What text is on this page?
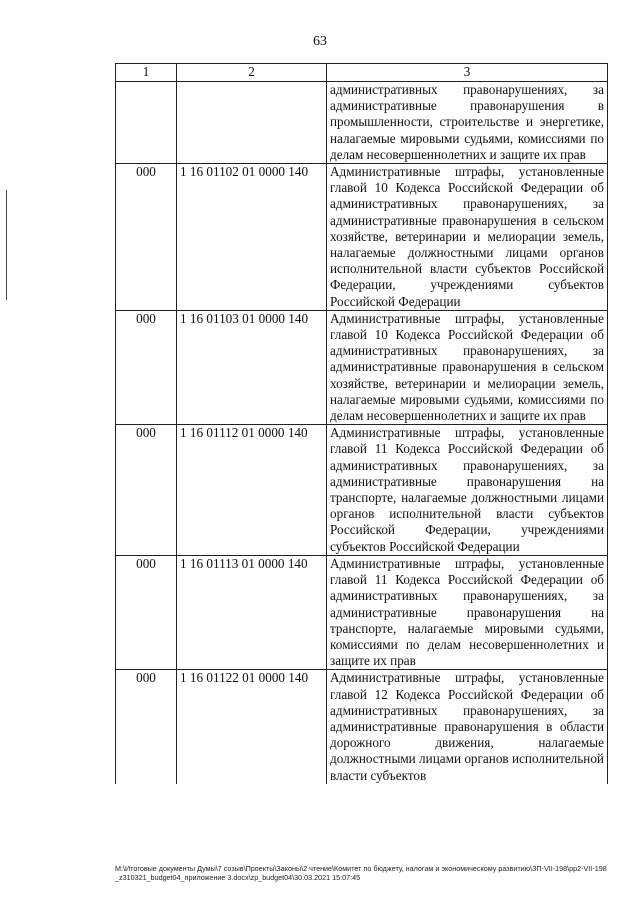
63
1	2	3
		административных правонарушениях, за административные правонарушения в промышленности, строительстве и энергетике, налагаемые мировыми судьями, комиссиями по делам несовершеннолетних и защите их прав
000	1 16 01102 01 0000 140	Административные штрафы, установленные главой 10 Кодекса Российской Федерации об административных правонарушениях, за административные правонарушения в сельском хозяйстве, ветеринарии и мелиорации земель, налагаемые должностными лицами органов исполнительной власти субъектов Российской Федерации, учреждениями субъектов Российской Федерации
000	1 16 01103 01 0000 140	Административные штрафы, установленные главой 10 Кодекса Российской Федерации об административных правонарушениях, за административные правонарушения в сельском хозяйстве, ветеринарии и мелиорации земель, налагаемые мировыми судьями, комиссиями по делам несовершеннолетних и защите их прав
000	1 16 01112 01 0000 140	Административные штрафы, установленные главой 11 Кодекса Российской Федерации об административных правонарушениях, за административные правонарушения на транспорте, налагаемые должностными лицами органов исполнительной власти субъектов Российской Федерации, учреждениями субъектов Российской Федерации
000	1 16 01113 01 0000 140	Административные штрафы, установленные главой 11 Кодекса Российской Федерации об административных правонарушениях, за административные правонарушения на транспорте, налагаемые мировыми судьями, комиссиями по делам несовершеннолетних и защите их прав
000	1 16 01122 01 0000 140	Административные штрафы, установленные главой 12 Кодекса Российской Федерации об административных правонарушениях, за административные правонарушения в области дорожного движения, налагаемые должностными лицами органов исполнительной власти субъектов
M:\Итоговые документы Думы\7 созыв\Проекты\Законы\2 чтение\Комитет по бюджету, налогам и экономическому развитию\ЗП-VII-198\pp2-VII-198_z310321_budget04_приложение 3.docx\zp_budget04\30.03.2021 15:07:45
